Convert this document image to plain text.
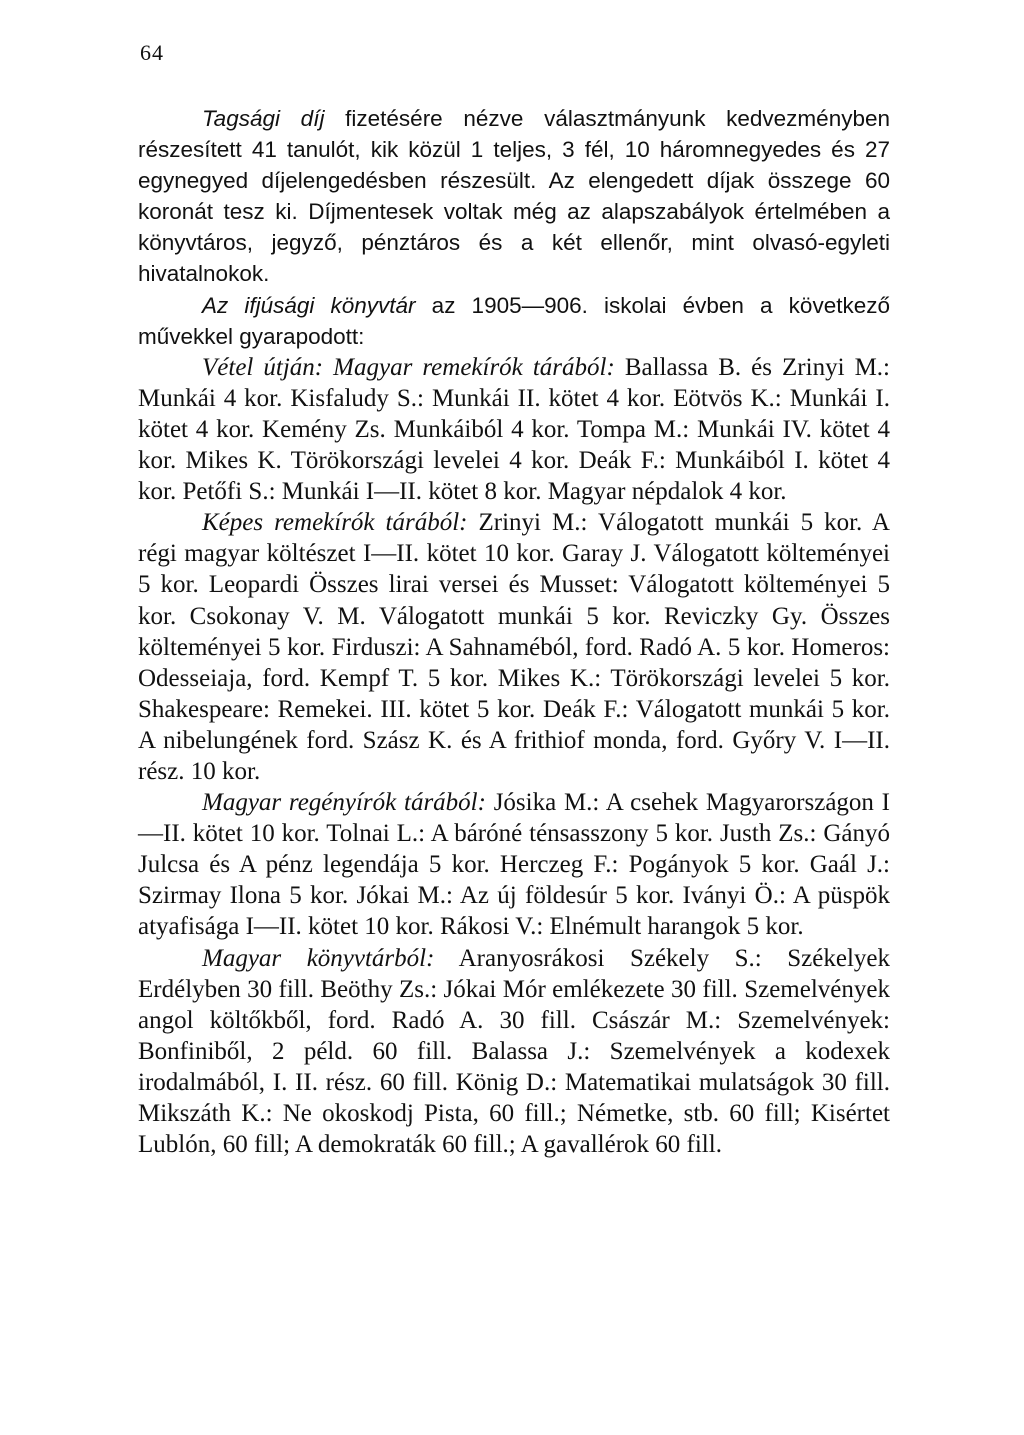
64

Tagsági díj fizetésére nézve választmányunk kedvezményben részesített 41 tanulót, kik közül 1 teljes, 3 fél, 10 háromnegyedes és 27 egynegyed díjelengedésben részesült. Az elengedett díjak összege 60 koronát tesz ki. Díjmentesek voltak még az alapszabályok értelmében a könyvtáros, jegyző, pénztáros és a két ellenőr, mint olvasó-egyleti hivatalnokok.

Az ifjúsági könyvtár az 1905—906. iskolai évben a következő művekkel gyarapodott:

Vétel útján: Magyar remekírók tárából: Ballassa B. és Zrinyi M.: Munkái 4 kor. Kisfaludy S.: Munkái II. kötet 4 kor. Eötvös K.: Munkái I. kötet 4 kor. Kemény Zs. Munkáiból 4 kor. Tompa M.: Munkái IV. kötet 4 kor. Mikes K. Törökországi levelei 4 kor. Deák F.: Munkáiból I. kötet 4 kor. Petőfi S.: Munkái I—II. kötet 8 kor. Magyar népdalok 4 kor.

Képes remekírók tárából: Zrinyi M.: Válogatott munkái 5 kor. A régi magyar költészet I—II. kötet 10 kor. Garay J. Válogatott költeményei 5 kor. Leopardi Összes lirai versei és Musset: Válogatott költeményei 5 kor. Csokonay V. M. Válogatott munkái 5 kor. Reviczky Gy. Összes költeményei 5 kor. Firduszi: A Sahnaméból, ford. Radó A. 5 kor. Homeros: Odesseiaja, ford. Kempf T. 5 kor. Mikes K.: Törökországi levelei 5 kor. Shakespeare: Remekei. III. kötet 5 kor. Deák F.: Válogatott munkái 5 kor. A nibelungének ford. Szász K. és A frithiof monda, ford. Győry V. I—II. rész. 10 kor.

Magyar regényírók tárából: Jósika M.: A csehek Magyarországon I—II. kötet 10 kor. Tolnai L.: A báróné ténsasszony 5 kor. Justh Zs.: Gányó Julcsa és A pénz legendája 5 kor. Herczeg F.: Pogányok 5 kor. Gaál J.: Szirmay Ilona 5 kor. Jókai M.: Az új földesúr 5 kor. Iványi Ö.: A püspök atyafisága I—II. kötet 10 kor. Rákosi V.: Elnémult harangok 5 kor.

Magyar könyvtárból: Aranyosrákosi Székely S.: Székelyek Erdélyben 30 fill. Beöthy Zs.: Jókai Mór emlékezete 30 fill. Szemelvények angol költőkből, ford. Radó A. 30 fill. Császár M.: Szemelvények: Bonfiniből, 2 péld. 60 fill. Balassa J.: Szemelvények a kodexek irodalmából, I. II. rész. 60 fill. König D.: Matematikai mulatságok 30 fill. Mikszáth K.: Ne okoskodj Pista, 60 fill.; Németke, stb. 60 fill; Kisértet Lublón, 60 fill; A demokraták 60 fill.; A gavallérok 60 fill.
